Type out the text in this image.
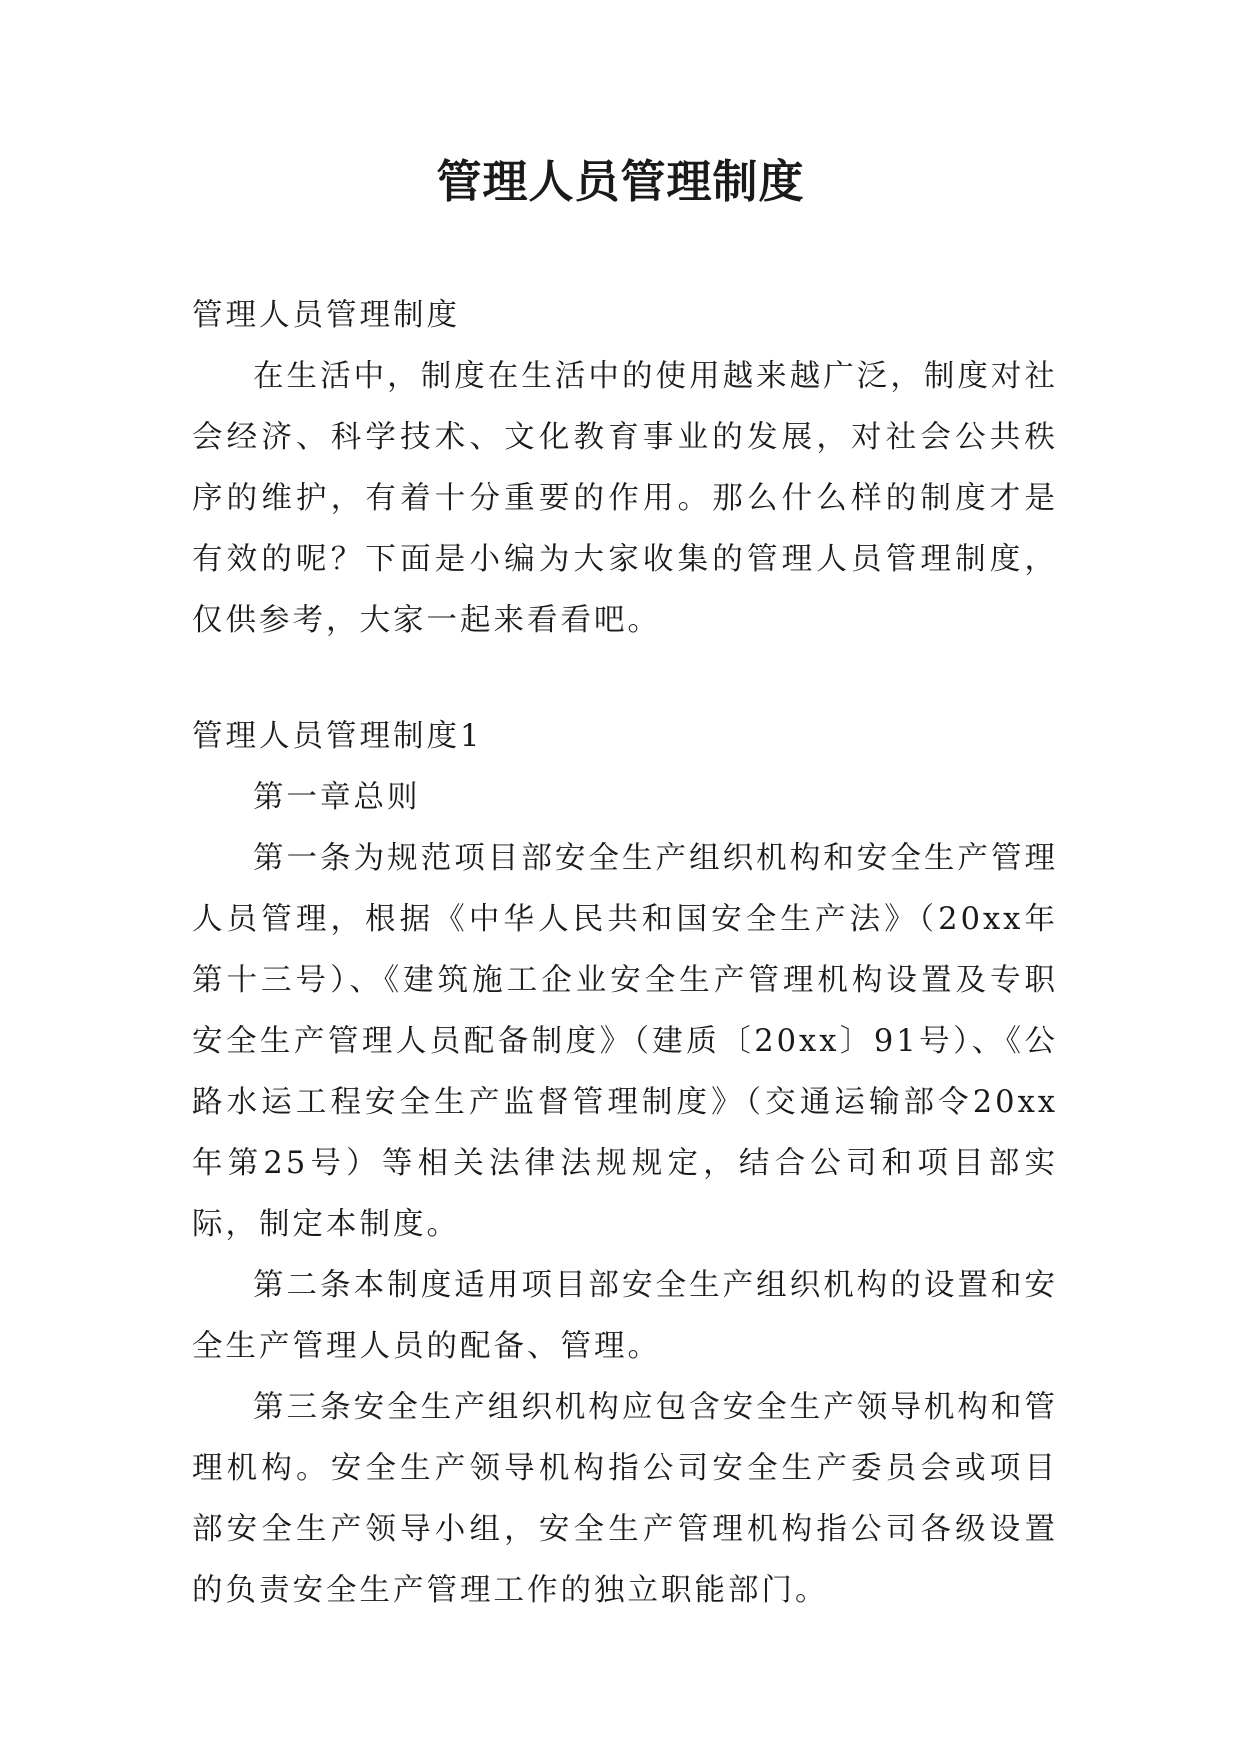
管理人员管理制度

管理人员管理制度

在生活中，制度在生活中的使用越来越广泛，制度对社会经济、科学技术、文化教育事业的发展，对社会公共秩序的维护，有着十分重要的作用。那么什么样的制度才是有效的呢？下面是小编为大家收集的管理人员管理制度，仅供参考，大家一起来看看吧。

管理人员管理制度1

第一章总则

第一条为规范项目部安全生产组织机构和安全生产管理人员管理，根据《中华人民共和国安全生产法》（20xx年第十三号）、《建筑施工企业安全生产管理机构设置及专职安全生产管理人员配备制度》（建质〔20xx〕91号）、《公路水运工程安全生产监督管理制度》（交通运输部令20xx年第25号）等相关法律法规规定，结合公司和项目部实际，制定本制度。

第二条本制度适用项目部安全生产组织机构的设置和安全生产管理人员的配备、管理。

第三条安全生产组织机构应包含安全生产领导机构和管理机构。安全生产领导机构指公司安全生产委员会或项目部安全生产领导小组，安全生产管理机构指公司各级设置的负责安全生产管理工作的独立职能部门。
